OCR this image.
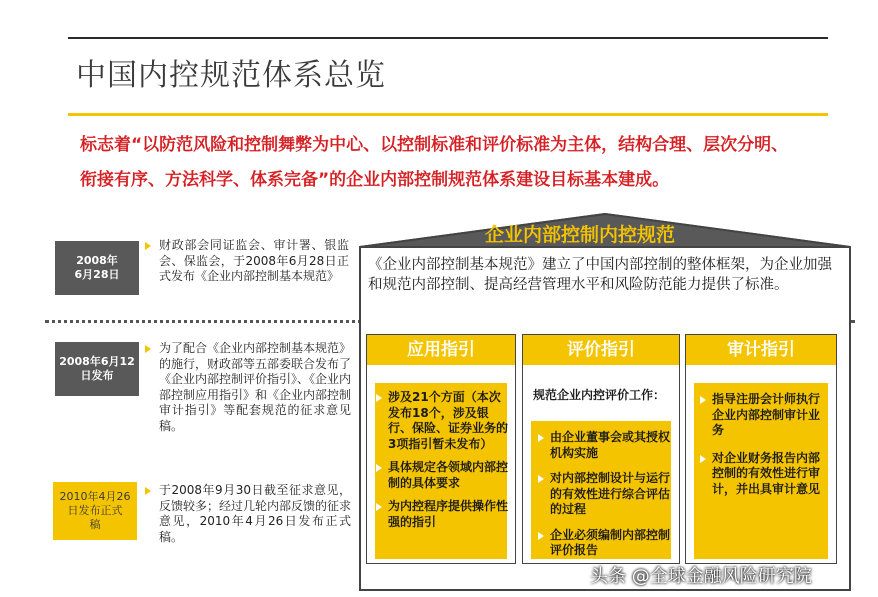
中国内控规范体系总览
标志着“以防范风险和控制舞弊为中心、以控制标准和评价标准为主体，结构合理、层次分明、衔接有序、方法科学、体系完备”的企业内部控制规范体系建设目标基本建成。
2008年
6月28日
财政部会同证监会、审计署、银监会、保监会，于2008年6月28日正式发布《企业内部控制基本规范》
2008年6月12
日发布
为了配合《企业内部控制基本规范》的施行，财政部等五部委联合发布了《企业内部控制评价指引》、《企业内部控制应用指引》和《企业内部控制审计指引》等配套规范的征求意见稿。
2010年4月26
日发布正式
稿
于2008年9月30日截至征求意见，反馈较多；经过几轮内部反馈的征求意见，2010年4月26日发布正式稿。
企业内部控制内控规范
《企业内部控制基本规范》建立了中国内部控制的整体框架，为企业加强和规范内部控制、提高经营管理水平和风险防范能力提供了标准。
应用指引
涉及21个方面（本次发布18个，涉及银行、保险、证券业务的3项指引暂未发布）
具体规定各领域内部控制的具体要求
为内控程序提供操作性强的指引
评价指引
规范企业内控评价工作：
由企业董事会或其授权机构实施
对内部控制设计与运行的有效性进行综合评估的过程
企业必须编制内部控制评价报告
审计指引
指导注册会计师执行企业内部控制审计业务
对企业财务报告内部控制的有效性进行审计，并出具审计意见
头条 @全球金融风险研究院
